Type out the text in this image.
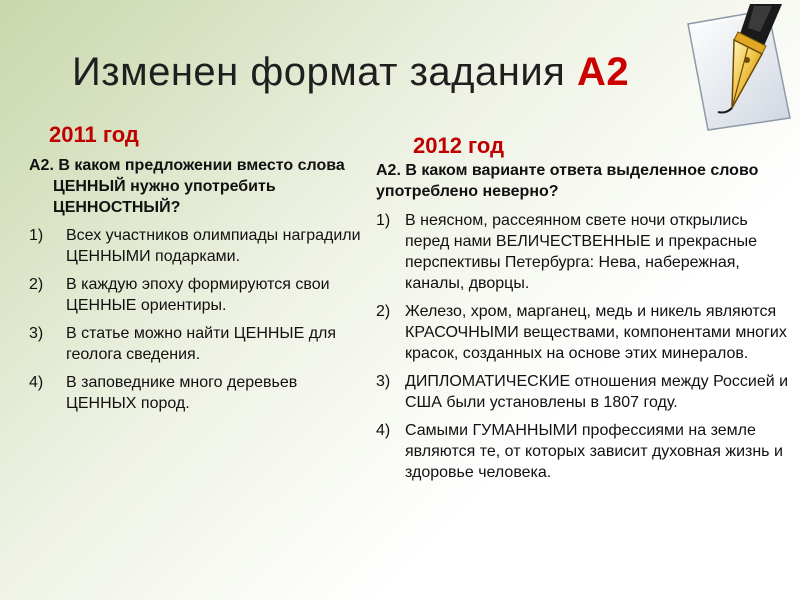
Изменен формат задания А2
2011 год	2012 год
А2. В каком предложении вместо слова ЦЕННЫЙ нужно употребить ЦЕННОСТНЫЙ?
1)	Всех участников олимпиады наградили ЦЕННЫМИ подарками.
2)	В каждую эпоху формируются свои ЦЕННЫЕ ориентиры.
3)	В статье можно найти ЦЕННЫЕ для геолога сведения.
4)	В заповеднике много деревьев ЦЕННЫХ пород.
А2. В каком варианте ответа выделенное слово употреблено неверно?
1) В неясном, рассеянном свете ночи открылись перед нами ВЕЛИЧЕСТВЕННЫЕ и прекрасные перспективы Петербурга: Нева, набережная, каналы, дворцы.
2) Железо, хром, марганец, медь и никель являются КРАСОЧНЫМИ веществами, компонентами многих красок, созданных на основе этих минералов.
3) ДИПЛОМАТИЧЕСКИЕ отношения между Россией и США были установлены в 1807 году.
4) Самыми ГУМАННЫМИ профессиями на земле являются те, от которых зависит духовная жизнь и здоровье человека.
